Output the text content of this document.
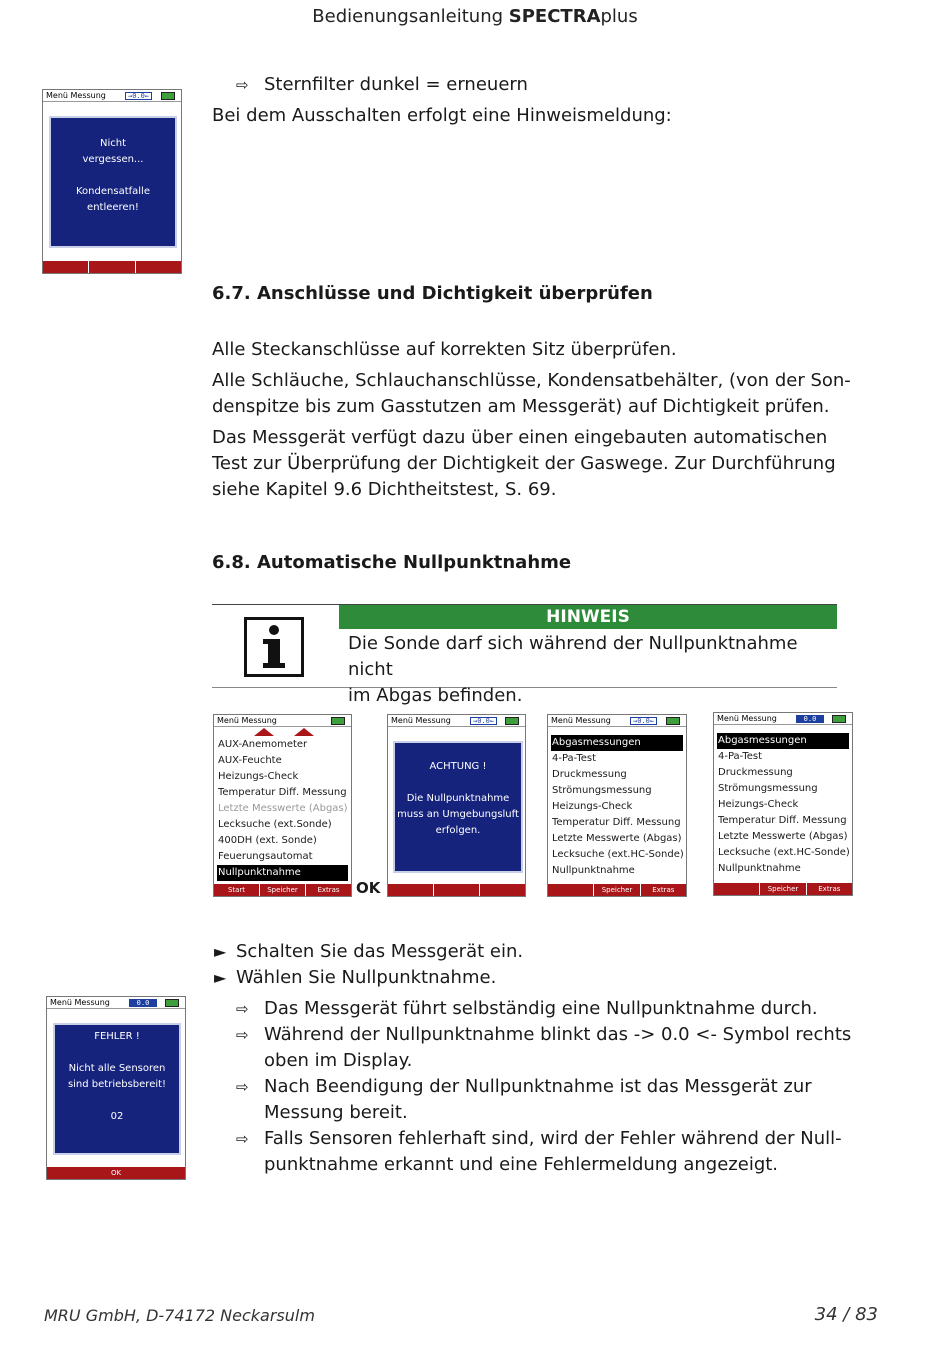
Bedienungsanleitung SPECTRAplus
Menü Messung	→0.0←
Nicht
vergessen...
Kondensatfalle
entleeren!
⇨ Sternfilter dunkel = erneuern
Bei dem Ausschalten erfolgt eine Hinweismeldung:
6.7. Anschlüsse und Dichtigkeit überprüfen
Alle Steckanschlüsse auf korrekten Sitz überprüfen.
Alle Schläuche, Schlauchanschlüsse, Kondensatbehälter, (von der Son-
denspitze bis zum Gasstutzen am Messgerät) auf Dichtigkeit prüfen.
Das Messgerät verfügt dazu über einen eingebauten automatischen
Test zur Überprüfung der Dichtigkeit der Gaswege. Zur Durchführung
siehe Kapitel 9.6 Dichtheitstest, S. 69.
6.8. Automatische Nullpunktnahme
HINWEIS
Die Sonde darf sich während der Nullpunktnahme nicht
im Abgas befinden.
Menü Messung
AUX-Anemometer
AUX-Feuchte
Heizungs-Check
Temperatur Diff. Messung
Letzte Messwerte (Abgas)
Lecksuche (ext.Sonde)
400DH (ext. Sonde)
Feuerungsautomat
Nullpunktnahme
Start	Speicher	Extras	OK
Menü Messung	→0.0←
ACHTUNG !
Die Nullpunktnahme
muss an Umgebungsluft
erfolgen.
Menü Messung	→0.0←
Abgasmessungen
4-Pa-Test
Druckmessung
Strömungsmessung
Heizungs-Check
Temperatur Diff. Messung
Letzte Messwerte (Abgas)
Lecksuche (ext.HC-Sonde)
Nullpunktnahme
Speicher	Extras
Menü Messung	0.0
Abgasmessungen
4-Pa-Test
Druckmessung
Strömungsmessung
Heizungs-Check
Temperatur Diff. Messung
Letzte Messwerte (Abgas)
Lecksuche (ext.HC-Sonde)
Nullpunktnahme
Speicher	Extras
Menü Messung	0.0
FEHLER !
Nicht alle Sensoren
sind betriebsbereit!
02
OK
► Schalten Sie das Messgerät ein.
► Wählen Sie Nullpunktnahme.
⇨ Das Messgerät führt selbständig eine Nullpunktnahme durch.
⇨ Während der Nullpunktnahme blinkt das -> 0.0 <- Symbol rechts
oben im Display.
⇨ Nach Beendigung der Nullpunktnahme ist das Messgerät zur
Messung bereit.
⇨ Falls Sensoren fehlerhaft sind, wird der Fehler während der Null-
punktnahme erkannt und eine Fehlermeldung angezeigt.
MRU GmbH, D-74172 Neckarsulm	34 / 83
